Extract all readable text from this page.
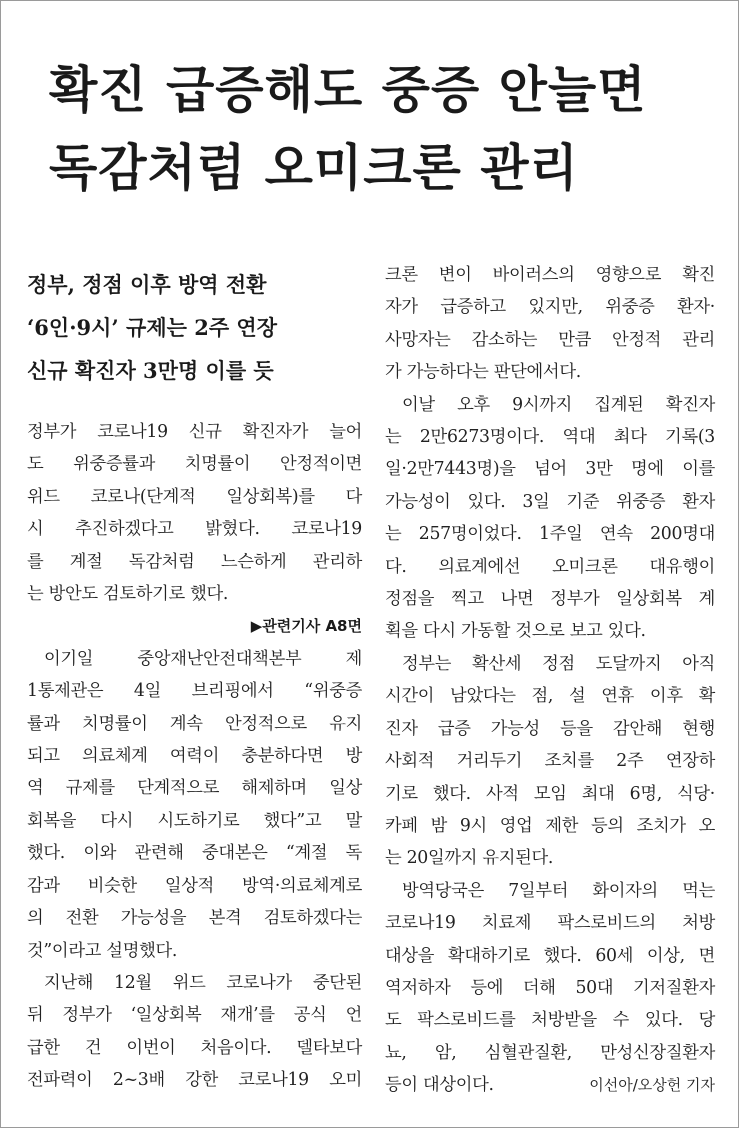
확진 급증해도 중증 안늘면
독감처럼 오미크론 관리
정부, 정점 이후 방역 전환
‘6인·9시’ 규제는 2주 연장
신규 확진자 3만명 이를 듯
정부가 코로나19 신규 확진자가 늘어
도 위중증률과 치명률이 안정적이면
위드 코로나(단계적 일상회복)를 다
시 추진하겠다고 밝혔다. 코로나19
를 계절 독감처럼 느슨하게 관리하
는 방안도 검토하기로 했다.
▶관련기사 A8면
이기일 중앙재난안전대책본부 제
1통제관은 4일 브리핑에서 “위중증
률과 치명률이 계속 안정적으로 유지
되고 의료체계 여력이 충분하다면 방
역 규제를 단계적으로 해제하며 일상
회복을 다시 시도하기로 했다”고 말
했다. 이와 관련해 중대본은 “계절 독
감과 비슷한 일상적 방역·의료체계로
의 전환 가능성을 본격 검토하겠다는
것”이라고 설명했다.
지난해 12월 위드 코로나가 중단된
뒤 정부가 ‘일상회복 재개’를 공식 언
급한 건 이번이 처음이다. 델타보다
전파력이 2~3배 강한 코로나19 오미
크론 변이 바이러스의 영향으로 확진
자가 급증하고 있지만, 위중증 환자·
사망자는 감소하는 만큼 안정적 관리
가 가능하다는 판단에서다.
이날 오후 9시까지 집계된 확진자
는 2만6273명이다. 역대 최다 기록(3
일·2만7443명)을 넘어 3만 명에 이를
가능성이 있다. 3일 기준 위중증 환자
는 257명이었다. 1주일 연속 200명대
다. 의료계에선 오미크론 대유행이
정점을 찍고 나면 정부가 일상회복 계
획을 다시 가동할 것으로 보고 있다.
정부는 확산세 정점 도달까지 아직
시간이 남았다는 점, 설 연휴 이후 확
진자 급증 가능성 등을 감안해 현행
사회적 거리두기 조치를 2주 연장하
기로 했다. 사적 모임 최대 6명, 식당·
카페 밤 9시 영업 제한 등의 조치가 오
는 20일까지 유지된다.
방역당국은 7일부터 화이자의 먹는
코로나19 치료제 팍스로비드의 처방
대상을 확대하기로 했다. 60세 이상, 면
역저하자 등에 더해 50대 기저질환자
도 팍스로비드를 처방받을 수 있다. 당
뇨, 암, 심혈관질환, 만성신장질환자
등이 대상이다.	이선아/오상헌 기자
